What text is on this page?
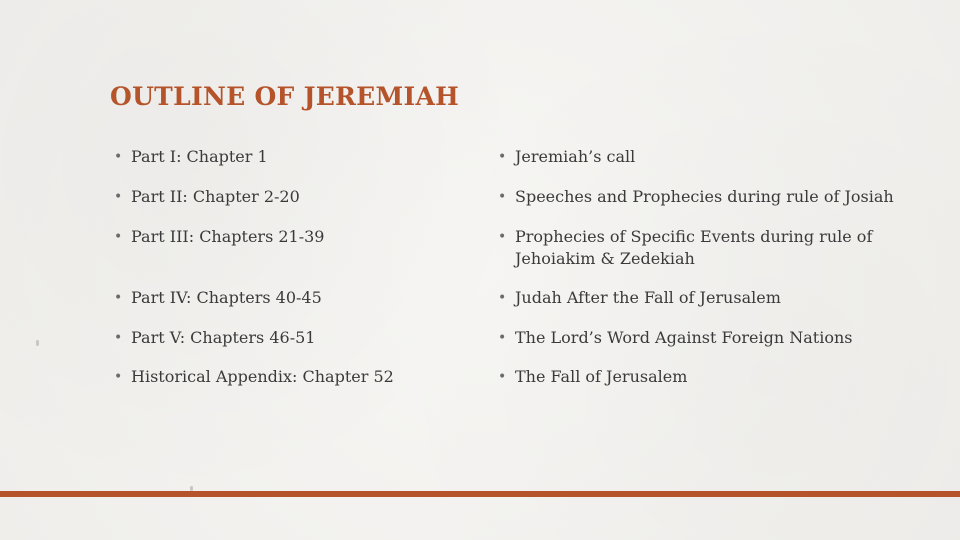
OUTLINE OF JEREMIAH
• Part I: Chapter 1
• Part II: Chapter 2-20
• Part III: Chapters 21-39
• Part IV: Chapters 40-45
• Part V: Chapters 46-51
• Historical Appendix: Chapter 52
• Jeremiah’s call
• Speeches and Prophecies during rule of Josiah
• Prophecies of Specific Events during rule of Jehoiakim & Zedekiah
• Judah After the Fall of Jerusalem
• The Lord’s Word Against Foreign Nations
• The Fall of Jerusalem
